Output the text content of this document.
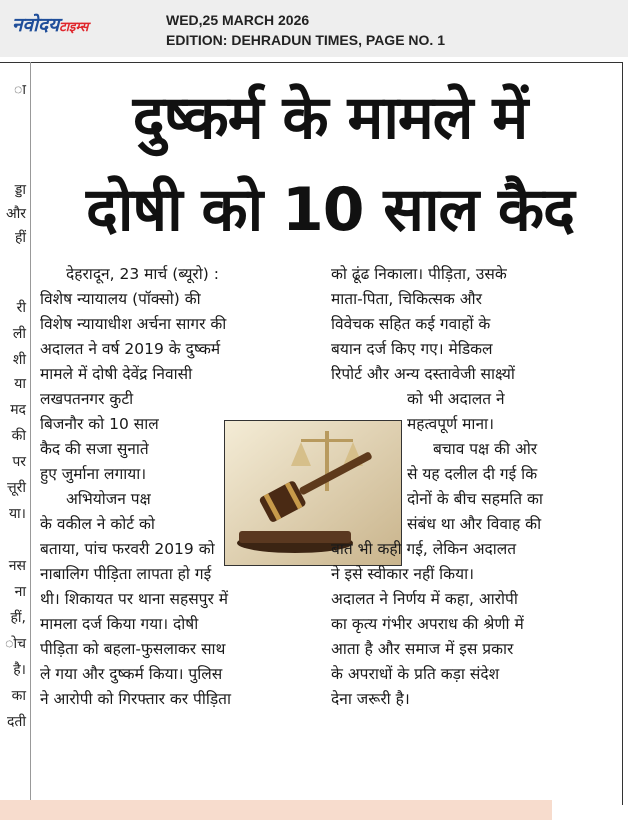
नवोदयटाइम्स	WED,25 MARCH 2026
EDITION: DEHRADUN TIMES, PAGE NO. 1
ा
ड्डा
और
हीं
री
ली
शी
या
मद
की
पर
त्तूरी
या।
नस
ना
हीं,
ोच
है।
का
दती
दुष्कर्म के मामले में
दोषी को 10 साल कैद
देहरादून, 23 मार्च (ब्यूरो) :
विशेष न्यायालय (पॉक्सो) की
विशेष न्यायाधीश अर्चना सागर की
अदालत ने वर्ष 2019 के दुष्कर्म
मामले में दोषी देवेंद्र निवासी
लखपतनगर कुटी
बिजनौर को 10 साल
कैद की सजा सुनाते
हुए जुर्माना लगाया।
अभियोजन पक्ष
के वकील ने कोर्ट को
बताया, पांच फरवरी 2019 को
नाबालिग पीड़िता लापता हो गई
थी। शिकायत पर थाना सहसपुर में
मामला दर्ज किया गया। दोषी
पीड़िता को बहला-फुसलाकर साथ
ले गया और दुष्कर्म किया। पुलिस
ने आरोपी को गिरफ्तार कर पीड़िता
को ढूंढ निकाला। पीड़िता, उसके
माता-पिता, चिकित्सक और
विवेचक सहित कई गवाहों के
बयान दर्ज किए गए। मेडिकल
रिपोर्ट और अन्य दस्तावेजी साक्ष्यों
को भी अदालत ने
महत्वपूर्ण माना।
बचाव पक्ष की ओर
से यह दलील दी गई कि
दोनों के बीच सहमति का
संबंध था और विवाह की
बात भी कही गई, लेकिन अदालत
ने इसे स्वीकार नहीं किया।
अदालत ने निर्णय में कहा, आरोपी
का कृत्य गंभीर अपराध की श्रेणी में
आता है और समाज में इस प्रकार
के अपराधों के प्रति कड़ा संदेश
देना जरूरी है।
